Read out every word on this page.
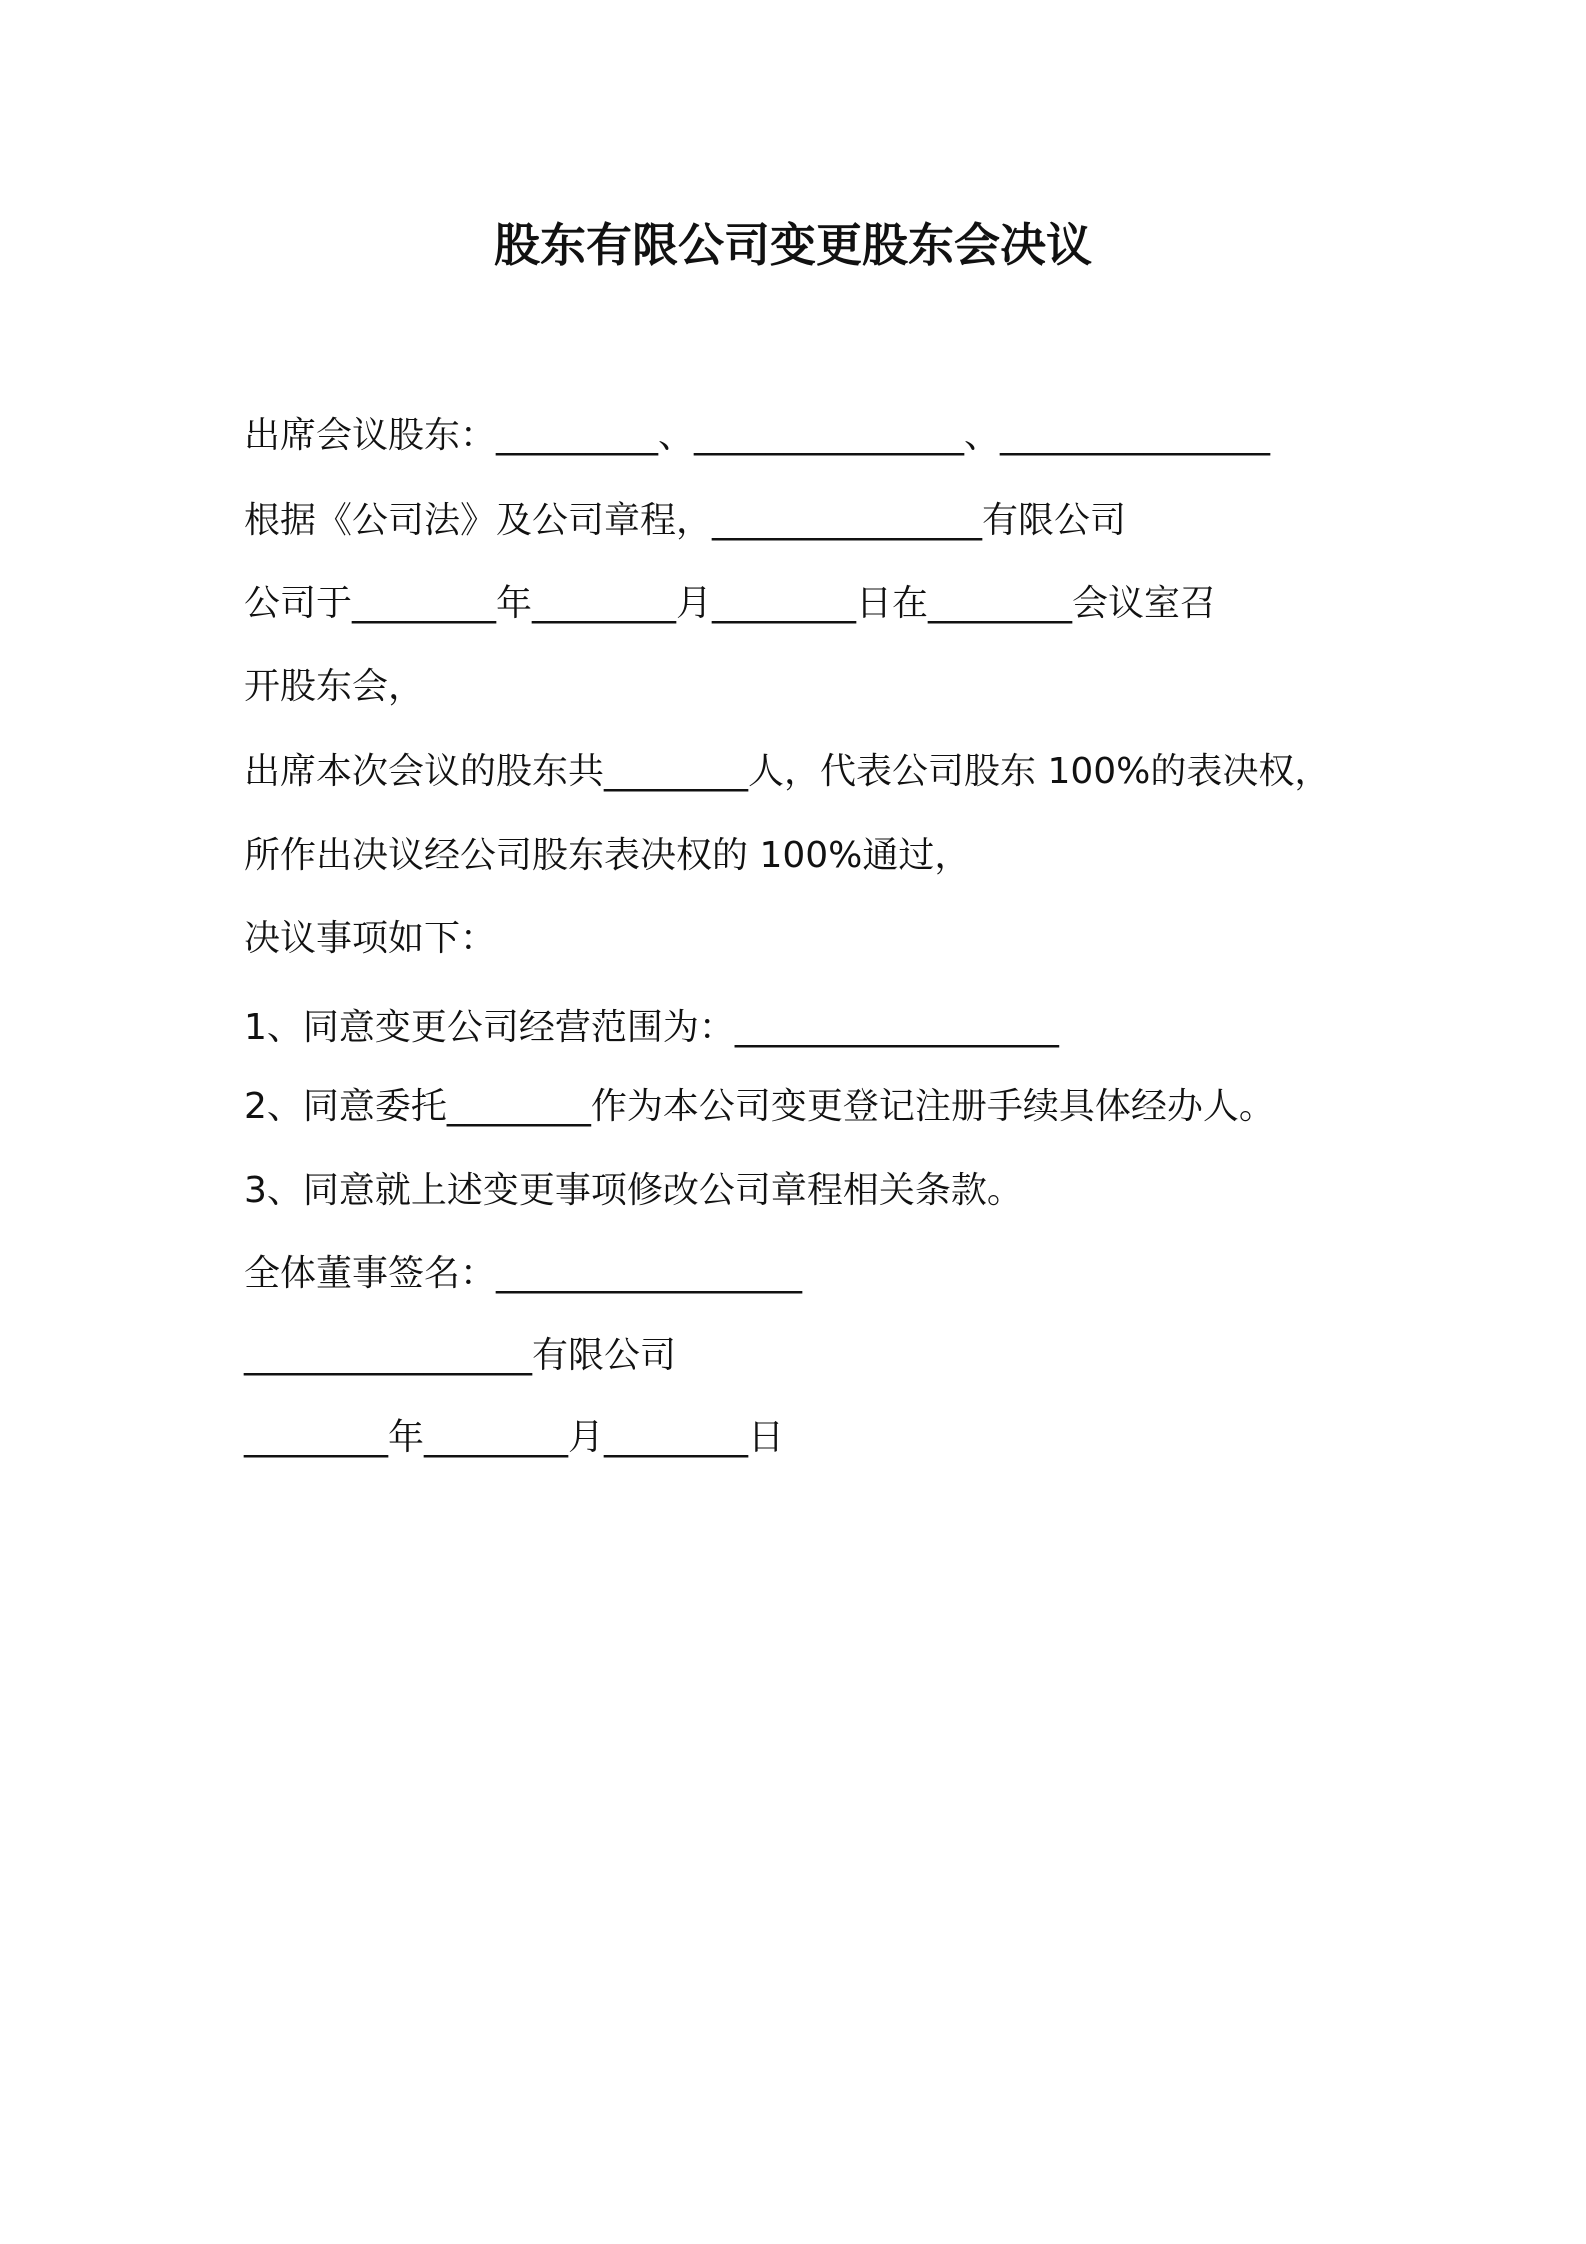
股东有限公司变更股东会决议
出席会议股东：_________、_______________、_______________
根据《公司法》及公司章程，_______________有限公司
公司于________年________月________日在________会议室召
开股东会，
出席本次会议的股东共________人，代表公司股东 100%的表决权，
所作出决议经公司股东表决权的 100%通过，
决议事项如下：
1、同意变更公司经营范围为：__________________
2、同意委托________作为本公司变更登记注册手续具体经办人。
3、同意就上述变更事项修改公司章程相关条款。
全体董事签名：_________________
________________有限公司
________年________月________日
